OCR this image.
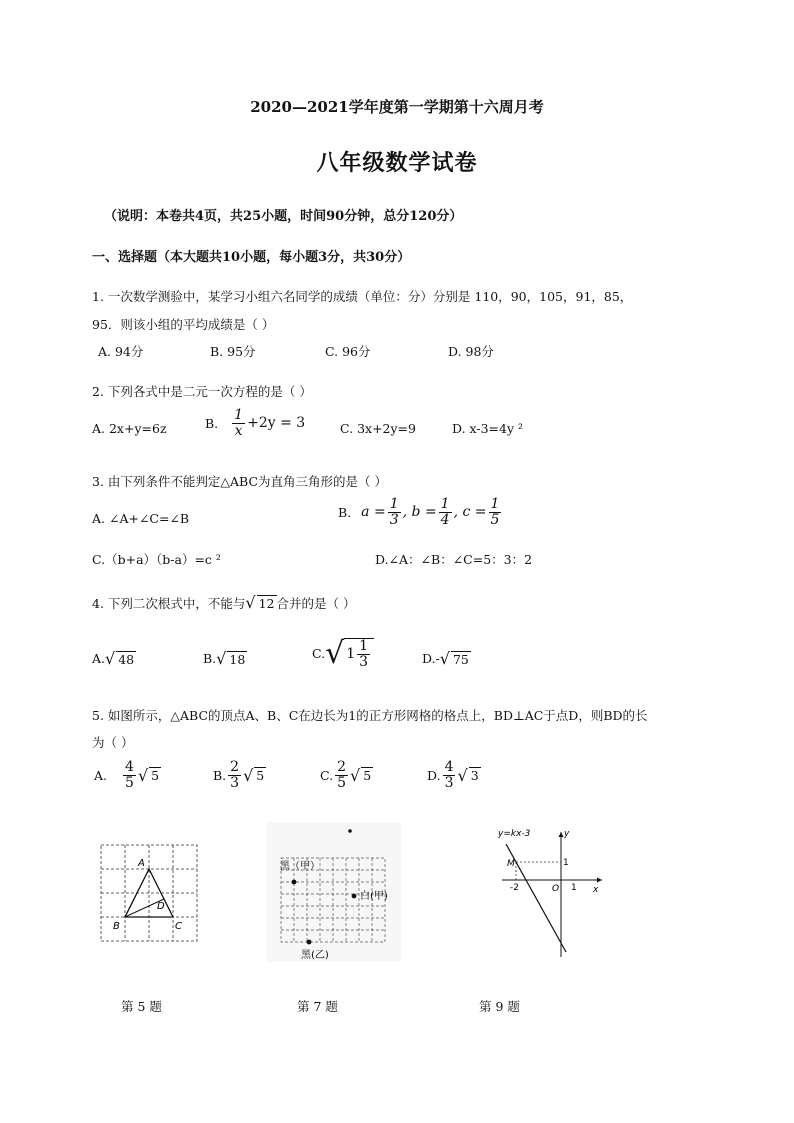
2020—2021学年度第一学期第十六周月考
八年级数学试卷
（说明：本卷共4页，共25小题，时间90分钟，总分120分）
一、选择题（本大题共10小题，每小题3分，共30分）
1. 一次数学测验中，某学习小组六名同学的成绩（单位：分）分别是 110，90，105，91，85，
95．则该小组的平均成绩是（ ）
A. 94分	B. 95分	C. 96分	D. 98分
2. 下列各式中是二元一次方程的是（ ）
A. 2x+y=6z	B. $\frac{1}{x} +2y = 3$	C. 3x+2y=9	D. x-3=4y ²
3. 由下列条件不能判定△ABC为直角三角形的是（ ）
A. ∠A+∠C=∠B	B. $a = \frac{1}{3}$ , $b = \frac{1}{4}$ , $c = \frac{1}{5}$
C.（b+a）（b-a）=c ²	D.∠A：∠B：∠C=5：3：2
4. 下列二次根式中，不能与 √ 12 合并的是（ ）
A. √ 48	B. √ 18	C. √ $1 \frac{1}{3}$	D.- √ 75
5. 如图所示，△ABC的顶点A、B、C在边长为1的正方形网格的格点上，BD⊥AC于点D，则BD的长
为（ ）
A. $\frac{4}{5}$ √ 5	B. $\frac{2}{3}$ √ 5	C. $\frac{2}{5}$ √ 5	D. $\frac{4}{3}$ √ 3
A
B	C
D
第 5 题
黑（甲）
白(甲)
黑(乙)
第 7 题
y=kx-3	y
x
M	1
-2	O 1
第 9 题
